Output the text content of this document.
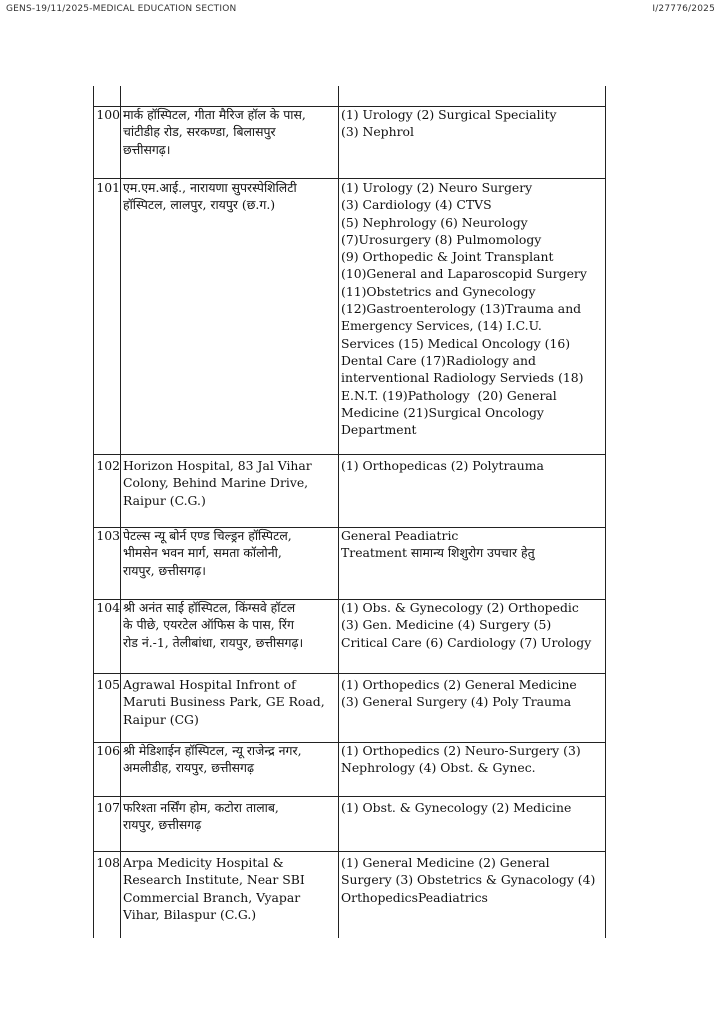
GENS-19/11/2025-MEDICAL EDUCATION SECTION	I/27776/2025
100 मार्क हॉस्पिटल, गीता मैरिज हॉल के पास,
चांटीडीह रोड, सरकण्डा, बिलासपुर
छत्तीसगढ़।
(1) Urology (2) Surgical Speciality
(3) Nephrol
101 एम.एम.आई., नारायणा सुपरस्पेशिलिटी
हॉस्पिटल, लालपुर, रायपुर (छ.ग.)
(1) Urology (2) Neuro Surgery
(3) Cardiology (4) CTVS
(5) Nephrology (6) Neurology
(7)Urosurgery (8) Pulmomology
(9) Orthopedic & Joint Transplant
(10)General and Laparoscopid Surgery
(11)Obstetrics and Gynecology
(12)Gastroenterology (13)Trauma and
Emergency Services, (14) I.C.U.
Services (15) Medical Oncology (16)
Dental Care (17)Radiology and
interventional Radiology Servieds (18)
E.N.T. (19)Pathology  (20) General
Medicine (21)Surgical Oncology
Department
102 Horizon Hospital, 83 Jal Vihar
Colony, Behind Marine Drive,
Raipur (C.G.)
(1) Orthopedicas (2) Polytrauma
103 पेटल्स न्यू बोर्न एण्ड चिल्ड्रन हॉस्पिटल,
भीमसेन भवन मार्ग, समता कॉलोनी,
रायपुर, छत्तीसगढ़।
General Peadiatric
Treatment सामान्य शिशुरोग उपचार हेतु
104 श्री अनंत साई हॉस्पिटल, किंग्सवे हॉटल
के पीछे, एयरटेल ऑफिस के पास, रिंग
रोड नं.-1, तेलीबांधा, रायपुर, छत्तीसगढ़।
(1) Obs. & Gynecology (2) Orthopedic
(3) Gen. Medicine (4) Surgery (5)
Critical Care (6) Cardiology (7) Urology
105 Agrawal Hospital Infront of
Maruti Business Park, GE Road,
Raipur (CG)
(1) Orthopedics (2) General Medicine
(3) General Surgery (4) Poly Trauma
106 श्री मेडिशाईन हॉस्पिटल, न्यू राजेन्द्र नगर,
अमलीडीह, रायपुर, छत्तीसगढ़
(1) Orthopedics (2) Neuro-Surgery (3)
Nephrology (4) Obst. & Gynec.
107 फरिश्ता नर्सिंग होम, कटोरा तालाब,
रायपुर, छत्तीसगढ़
(1) Obst. & Gynecology (2) Medicine
108 Arpa Medicity Hospital &
Research Institute, Near SBI
Commercial Branch, Vyapar
Vihar, Bilaspur (C.G.)
(1) General Medicine (2) General
Surgery (3) Obstetrics & Gynacology (4)
OrthopedicsPeadiatrics
